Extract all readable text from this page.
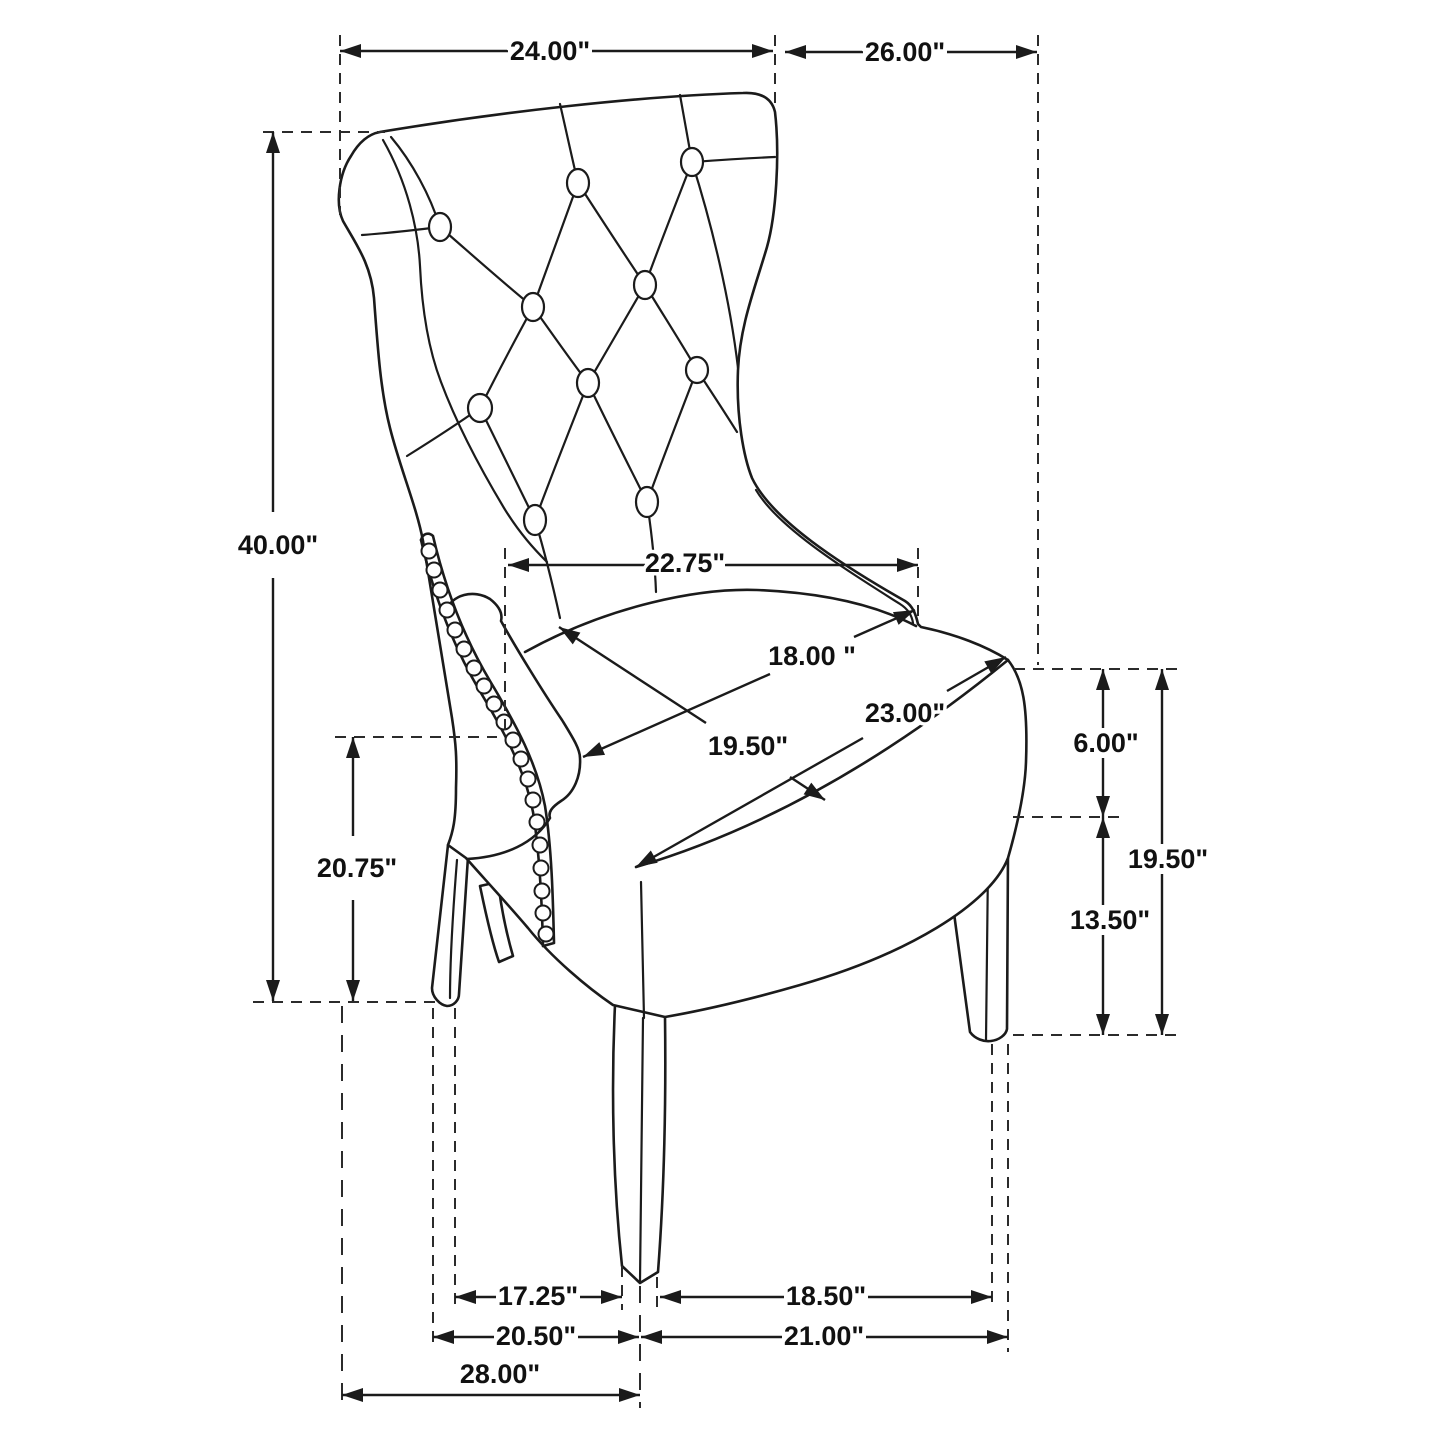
24.00"	26.00"
40.00"
22.75"
18.00 "
23.00"
19.50"
20.75"
6.00"
19.50"
13.50"
17.25"	18.50"
20.50"	21.00"
28.00"
